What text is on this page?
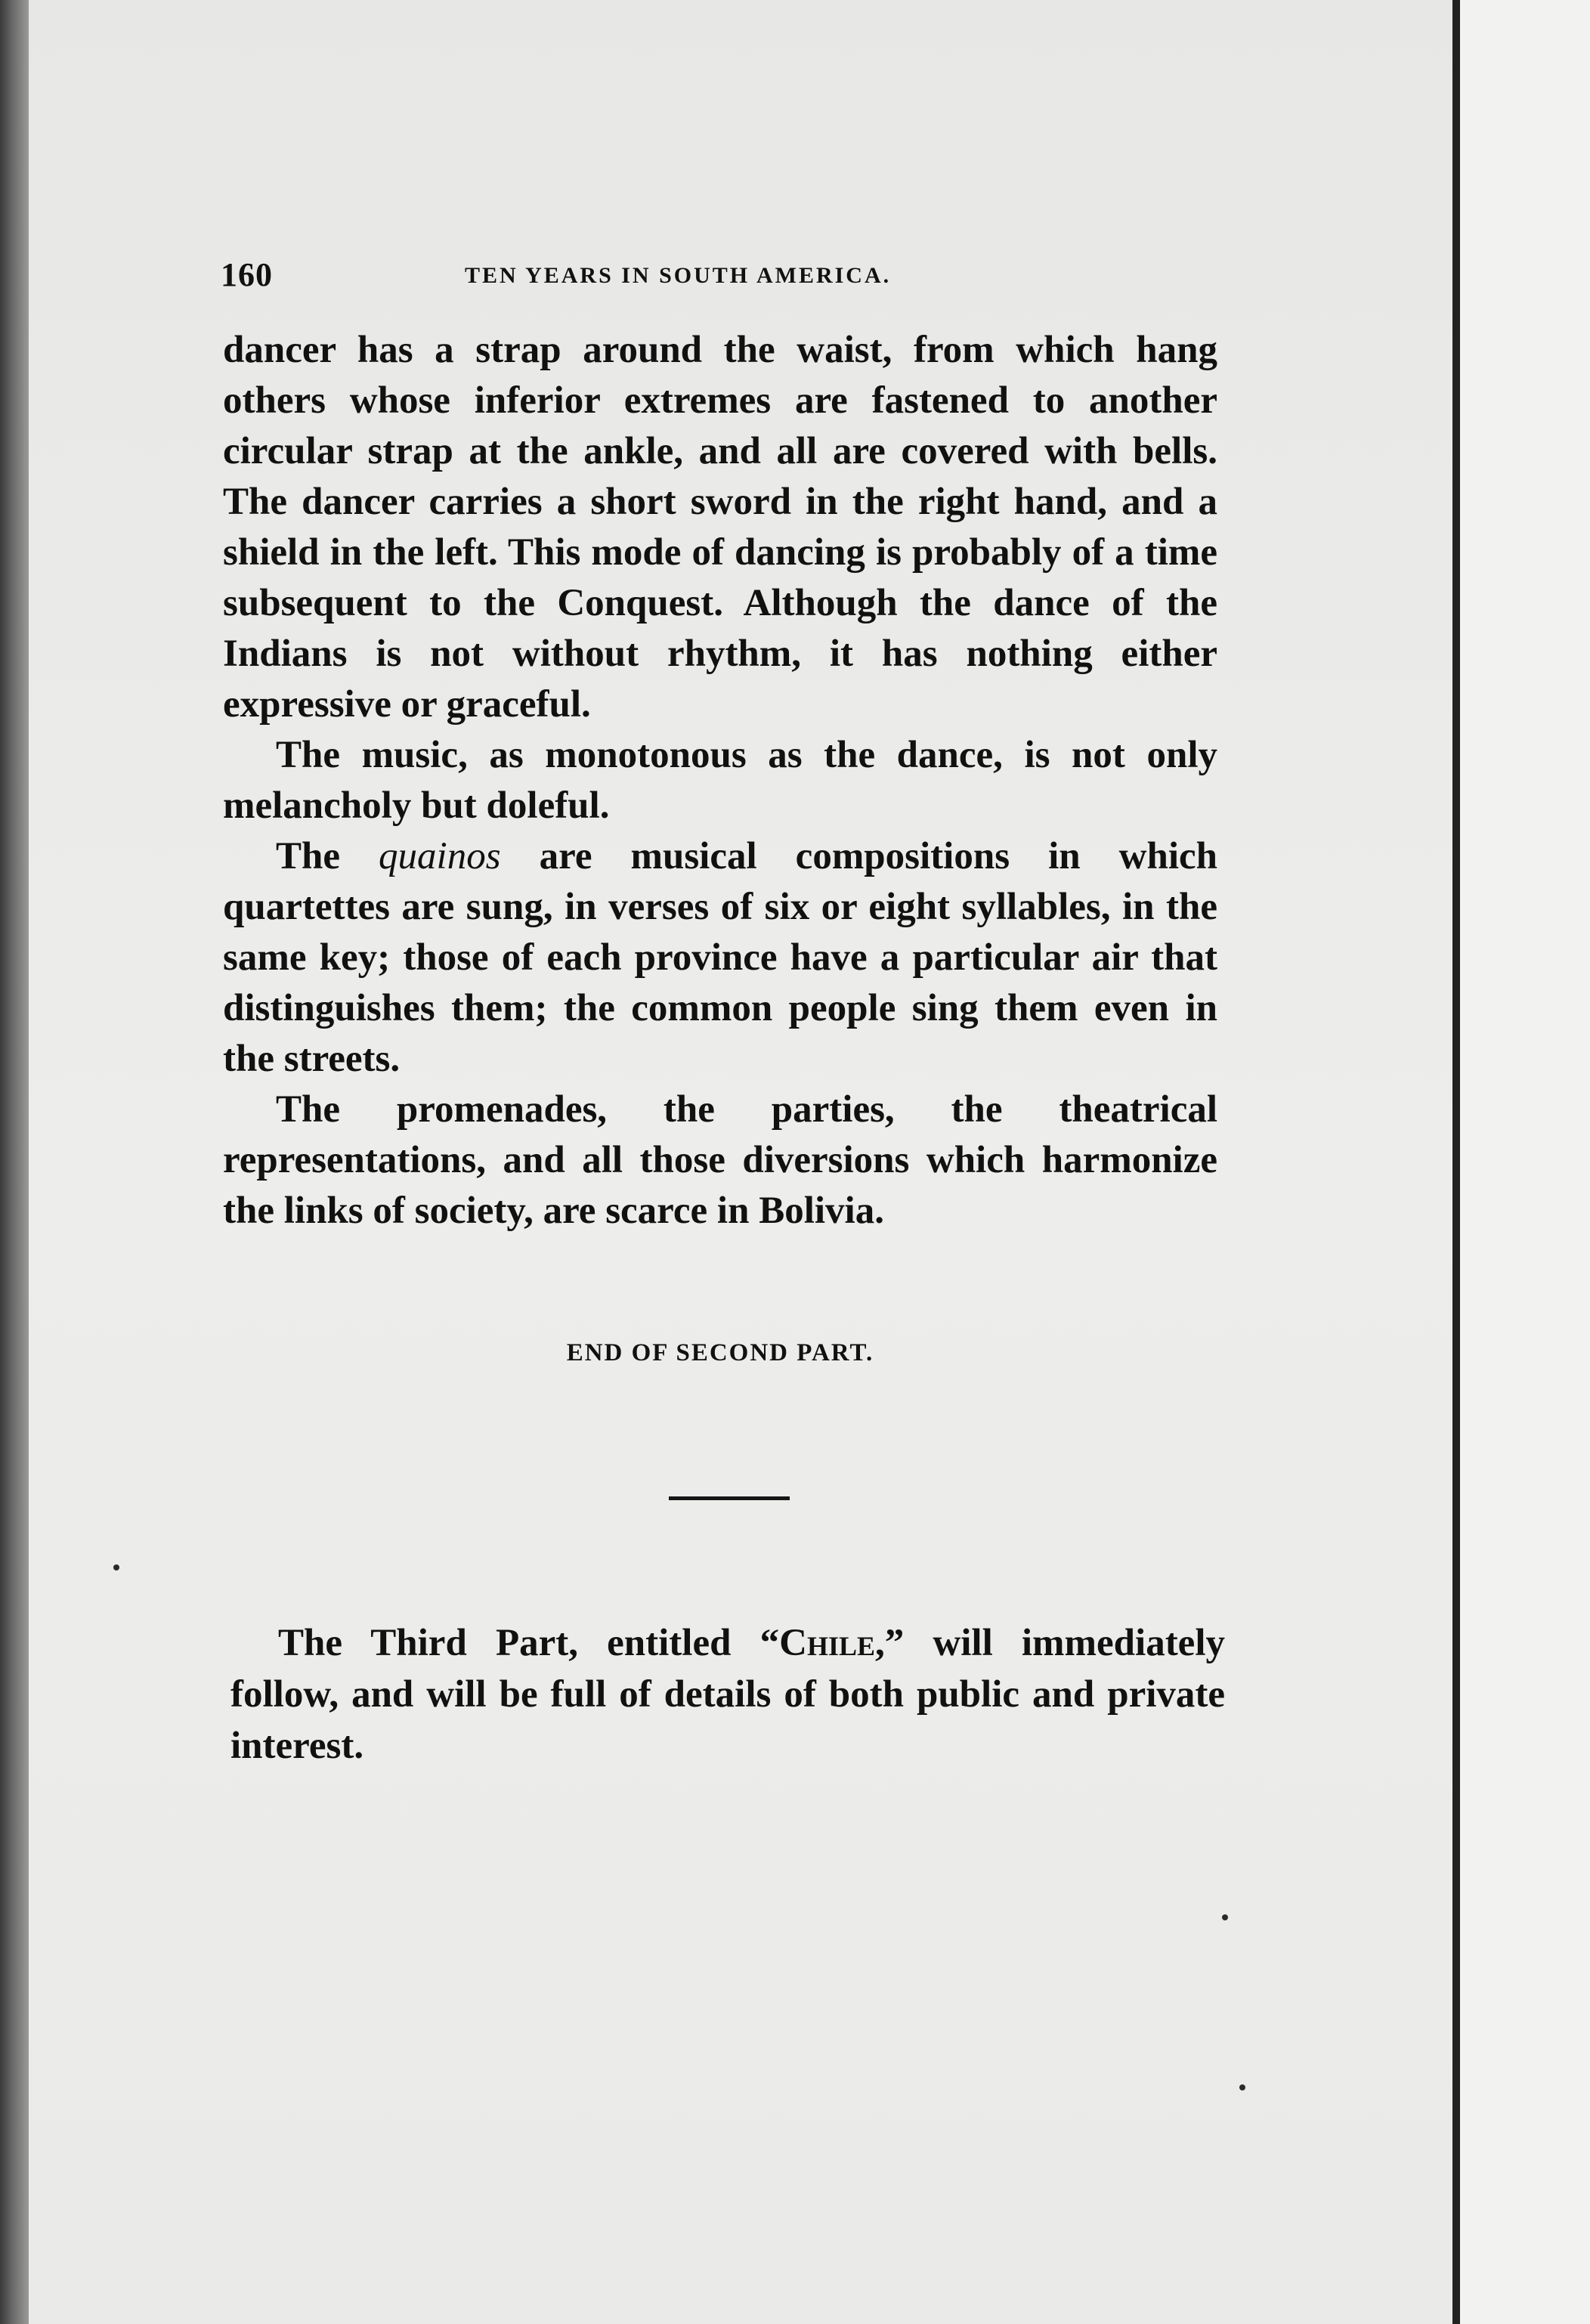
160	TEN YEARS IN SOUTH AMERICA.

dancer has a strap around the waist, from which hang others whose inferior extremes are fastened to another circular strap at the ankle, and all are covered with bells. The dancer carries a short sword in the right hand, and a shield in the left. This mode of dancing is probably of a time subsequent to the Conquest. Although the dance of the Indians is not without rhythm, it has nothing either expressive or graceful.

The music, as monotonous as the dance, is not only melancholy but doleful.

The quainos are musical compositions in which quartettes are sung, in verses of six or eight syllables, in the same key; those of each province have a particular air that distinguishes them; the common people sing them even in the streets.

The promenades, the parties, the theatrical representations, and all those diversions which harmonize the links of society, are scarce in Bolivia.

END OF SECOND PART.

The Third Part, entitled “Chile,” will immediately follow, and will be full of details of both public and private interest.
